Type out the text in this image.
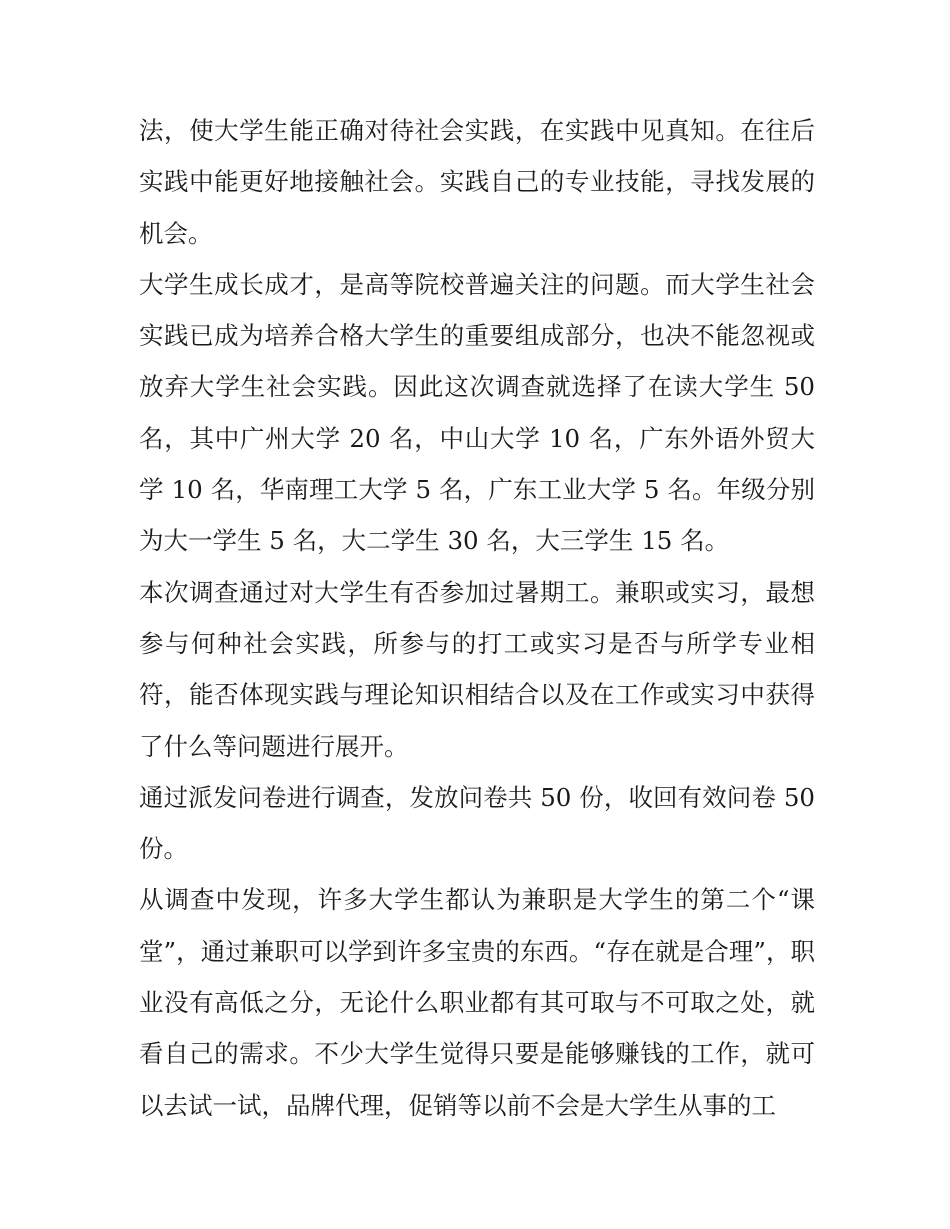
法，使大学生能正确对待社会实践，在实践中见真知。在往后实践中能更好地接触社会。实践自己的专业技能，寻找发展的机会。

大学生成长成才，是高等院校普遍关注的问题。而大学生社会实践已成为培养合格大学生的重要组成部分，也决不能忽视或放弃大学生社会实践。因此这次调查就选择了在读大学生 50 名，其中广州大学 20 名，中山大学 10 名，广东外语外贸大学 10 名，华南理工大学 5 名，广东工业大学 5 名。年级分别为大一学生 5 名，大二学生 30 名，大三学生 15 名。

本次调查通过对大学生有否参加过暑期工。兼职或实习，最想参与何种社会实践，所参与的打工或实习是否与所学专业相符，能否体现实践与理论知识相结合以及在工作或实习中获得了什么等问题进行展开。

通过派发问卷进行调查，发放问卷共 50 份，收回有效问卷 50 份。

从调查中发现，许多大学生都认为兼职是大学生的第二个“课堂”，通过兼职可以学到许多宝贵的东西。“存在就是合理”，职业没有高低之分，无论什么职业都有其可取与不可取之处，就看自己的需求。不少大学生觉得只要是能够赚钱的工作，就可以去试一试，品牌代理，促销等以前不会是大学生从事的工
